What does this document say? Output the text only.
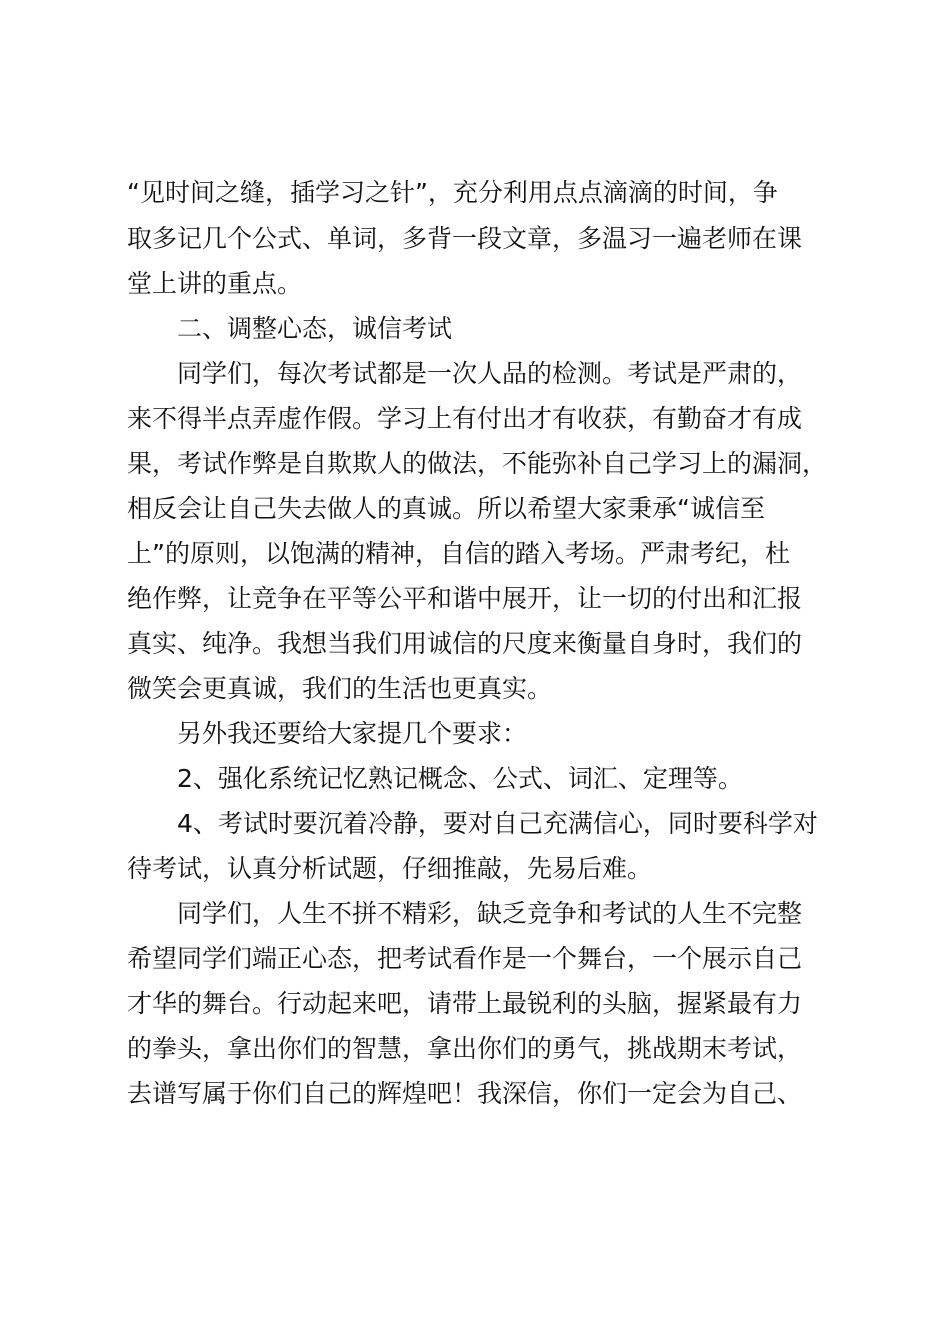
“见时间之缝，插学习之针”，充分利用点点滴滴的时间，争
取多记几个公式、单词，多背一段文章，多温习一遍老师在课
堂上讲的重点。
二、调整心态，诚信考试
同学们，每次考试都是一次人品的检测。考试是严肃的，
来不得半点弄虚作假。学习上有付出才有收获，有勤奋才有成
果，考试作弊是自欺欺人的做法，不能弥补自己学习上的漏洞，
相反会让自己失去做人的真诚。所以希望大家秉承“诚信至
上”的原则，以饱满的精神，自信的踏入考场。严肃考纪，杜
绝作弊，让竞争在平等公平和谐中展开，让一切的付出和汇报
真实、纯净。我想当我们用诚信的尺度来衡量自身时，我们的
微笑会更真诚，我们的生活也更真实。
另外我还要给大家提几个要求：
2、强化系统记忆熟记概念、公式、词汇、定理等。
4、考试时要沉着冷静，要对自己充满信心，同时要科学对
待考试，认真分析试题，仔细推敲，先易后难。
同学们，人生不拼不精彩，缺乏竞争和考试的人生不完整
希望同学们端正心态，把考试看作是一个舞台，一个展示自己
才华的舞台。行动起来吧，请带上最锐利的头脑，握紧最有力
的拳头，拿出你们的智慧，拿出你们的勇气，挑战期末考试，
去谱写属于你们自己的辉煌吧！我深信，你们一定会为自己、
